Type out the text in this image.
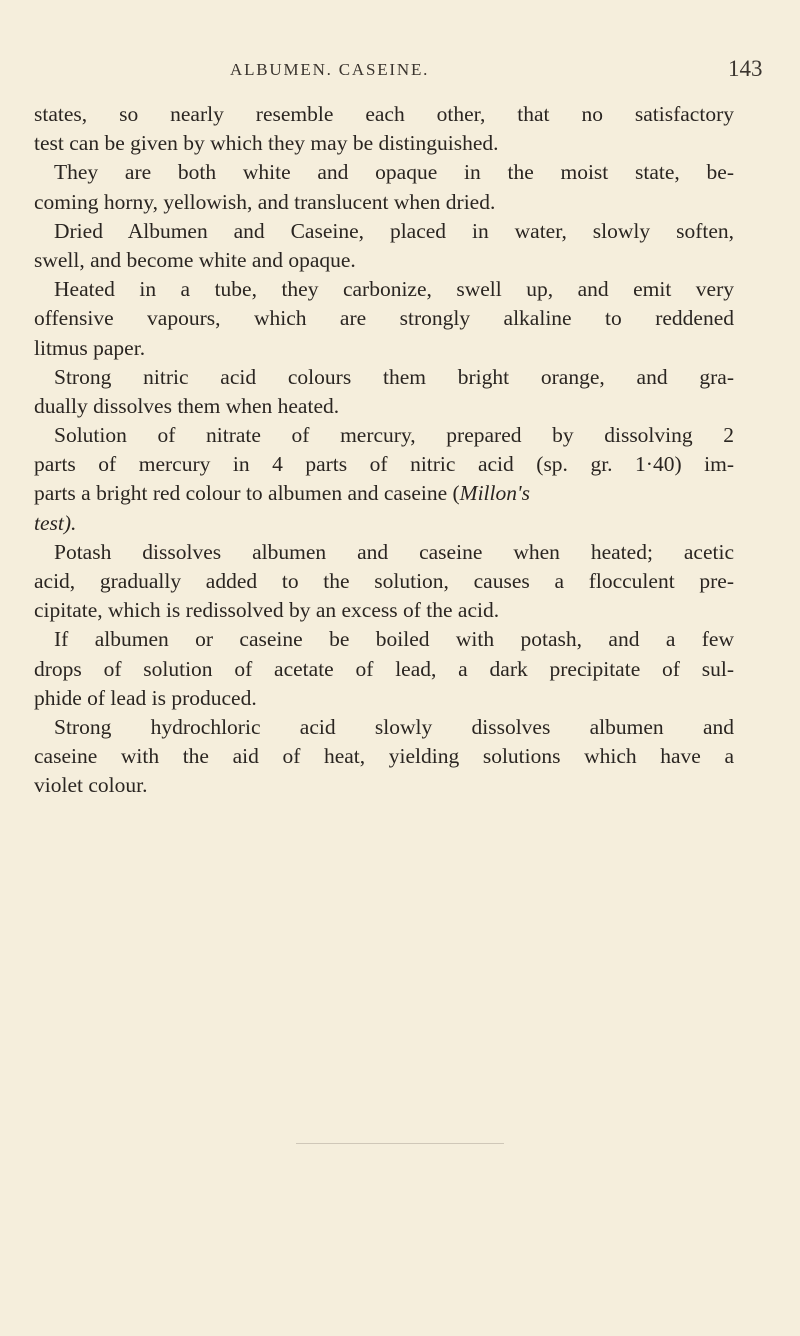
ALBUMEN. CASEINE.	143
states, so nearly resemble each other, that no satisfactory
test can be given by which they may be distinguished.
They are both white and opaque in the moist state, be-
coming horny, yellowish, and translucent when dried.
Dried Albumen and Caseine, placed in water, slowly soften,
swell, and become white and opaque.
Heated in a tube, they carbonize, swell up, and emit very
offensive vapours, which are strongly alkaline to reddened
litmus paper.
Strong nitric acid colours them bright orange, and gra-
dually dissolves them when heated.
Solution of nitrate of mercury, prepared by dissolving 2
parts of mercury in 4 parts of nitric acid (sp. gr. 1·40) im-
parts a bright red colour to albumen and caseine (Millon's
test).
Potash dissolves albumen and caseine when heated; acetic
acid, gradually added to the solution, causes a flocculent pre-
cipitate, which is redissolved by an excess of the acid.
If albumen or caseine be boiled with potash, and a few
drops of solution of acetate of lead, a dark precipitate of sul-
phide of lead is produced.
Strong hydrochloric acid slowly dissolves albumen and
caseine with the aid of heat, yielding solutions which have a
violet colour.
